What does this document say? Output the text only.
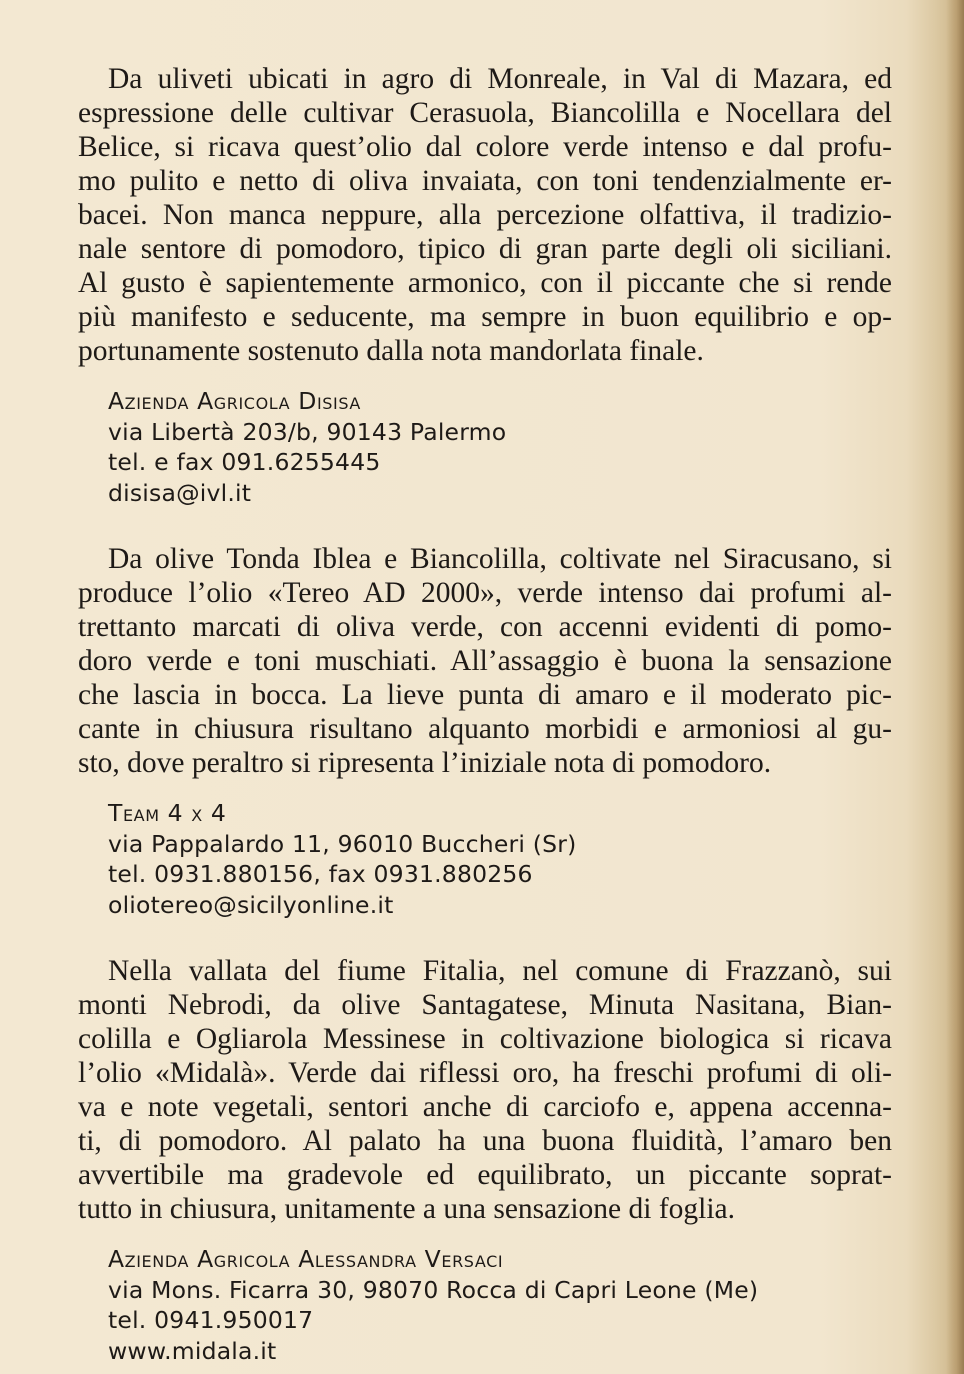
Da uliveti ubicati in agro di Monreale, in Val di Mazara, ed
espressione delle cultivar Cerasuola, Biancolilla e Nocellara del
Belice, si ricava quest’olio dal colore verde intenso e dal profu-
mo pulito e netto di oliva invaiata, con toni tendenzialmente er-
bacei. Non manca neppure, alla percezione olfattiva, il tradizio-
nale sentore di pomodoro, tipico di gran parte degli oli siciliani.
Al gusto è sapientemente armonico, con il piccante che si rende
più manifesto e seducente, ma sempre in buon equilibrio e op-
portunamente sostenuto dalla nota mandorlata finale.

Azienda Agricola Disisa
via Libertà 203/b, 90143 Palermo
tel. e fax 091.6255445
disisa@ivl.it

Da olive Tonda Iblea e Biancolilla, coltivate nel Siracusano, si
produce l’olio «Tereo AD 2000», verde intenso dai profumi al-
trettanto marcati di oliva verde, con accenni evidenti di pomo-
doro verde e toni muschiati. All’assaggio è buona la sensazione
che lascia in bocca. La lieve punta di amaro e il moderato pic-
cante in chiusura risultano alquanto morbidi e armoniosi al gu-
sto, dove peraltro si ripresenta l’iniziale nota di pomodoro.

Team 4 x 4
via Pappalardo 11, 96010 Buccheri (Sr)
tel. 0931.880156, fax 0931.880256
oliotereo@sicilyonline.it

Nella vallata del fiume Fitalia, nel comune di Frazzanò, sui
monti Nebrodi, da olive Santagatese, Minuta Nasitana, Bian-
colilla e Ogliarola Messinese in coltivazione biologica si ricava
l’olio «Midalà». Verde dai riflessi oro, ha freschi profumi di oli-
va e note vegetali, sentori anche di carciofo e, appena accenna-
ti, di pomodoro. Al palato ha una buona fluidità, l’amaro ben
avvertibile ma gradevole ed equilibrato, un piccante soprat-
tutto in chiusura, unitamente a una sensazione di foglia.

Azienda Agricola Alessandra Versaci
via Mons. Ficarra 30, 98070 Rocca di Capri Leone (Me)
tel. 0941.950017
www.midala.it
